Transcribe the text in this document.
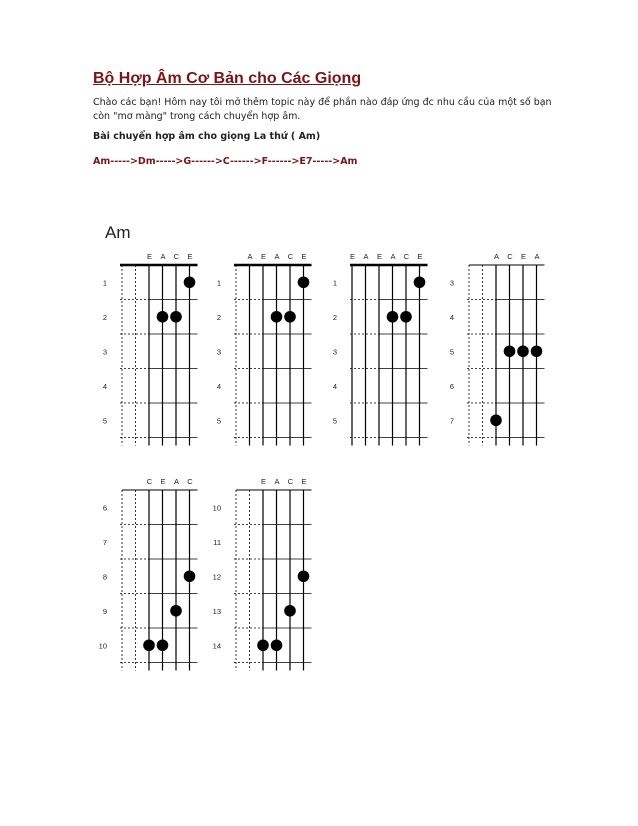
Bộ Hợp Âm Cơ Bản cho Các Giọng

Chào các bạn! Hôm nay tôi mở thêm topic này để phần nào đáp ứng đc nhu cầu của một số bạn còn "mơ màng" trong cách chuyển hợp âm.

Bài chuyển hợp âm cho giọng La thứ ( Am)

Am----->Dm----->G------>C------>F------>E7----->Am

Am
E A C E
1
2
3
4
5
A E A C E
1
2
3
4
5
E A E A C E
1
2
3
4
5
A C E A
3
4
5
6
7
C E A C
6
7
8
9
10
E A C E
10
11
12
13
14
